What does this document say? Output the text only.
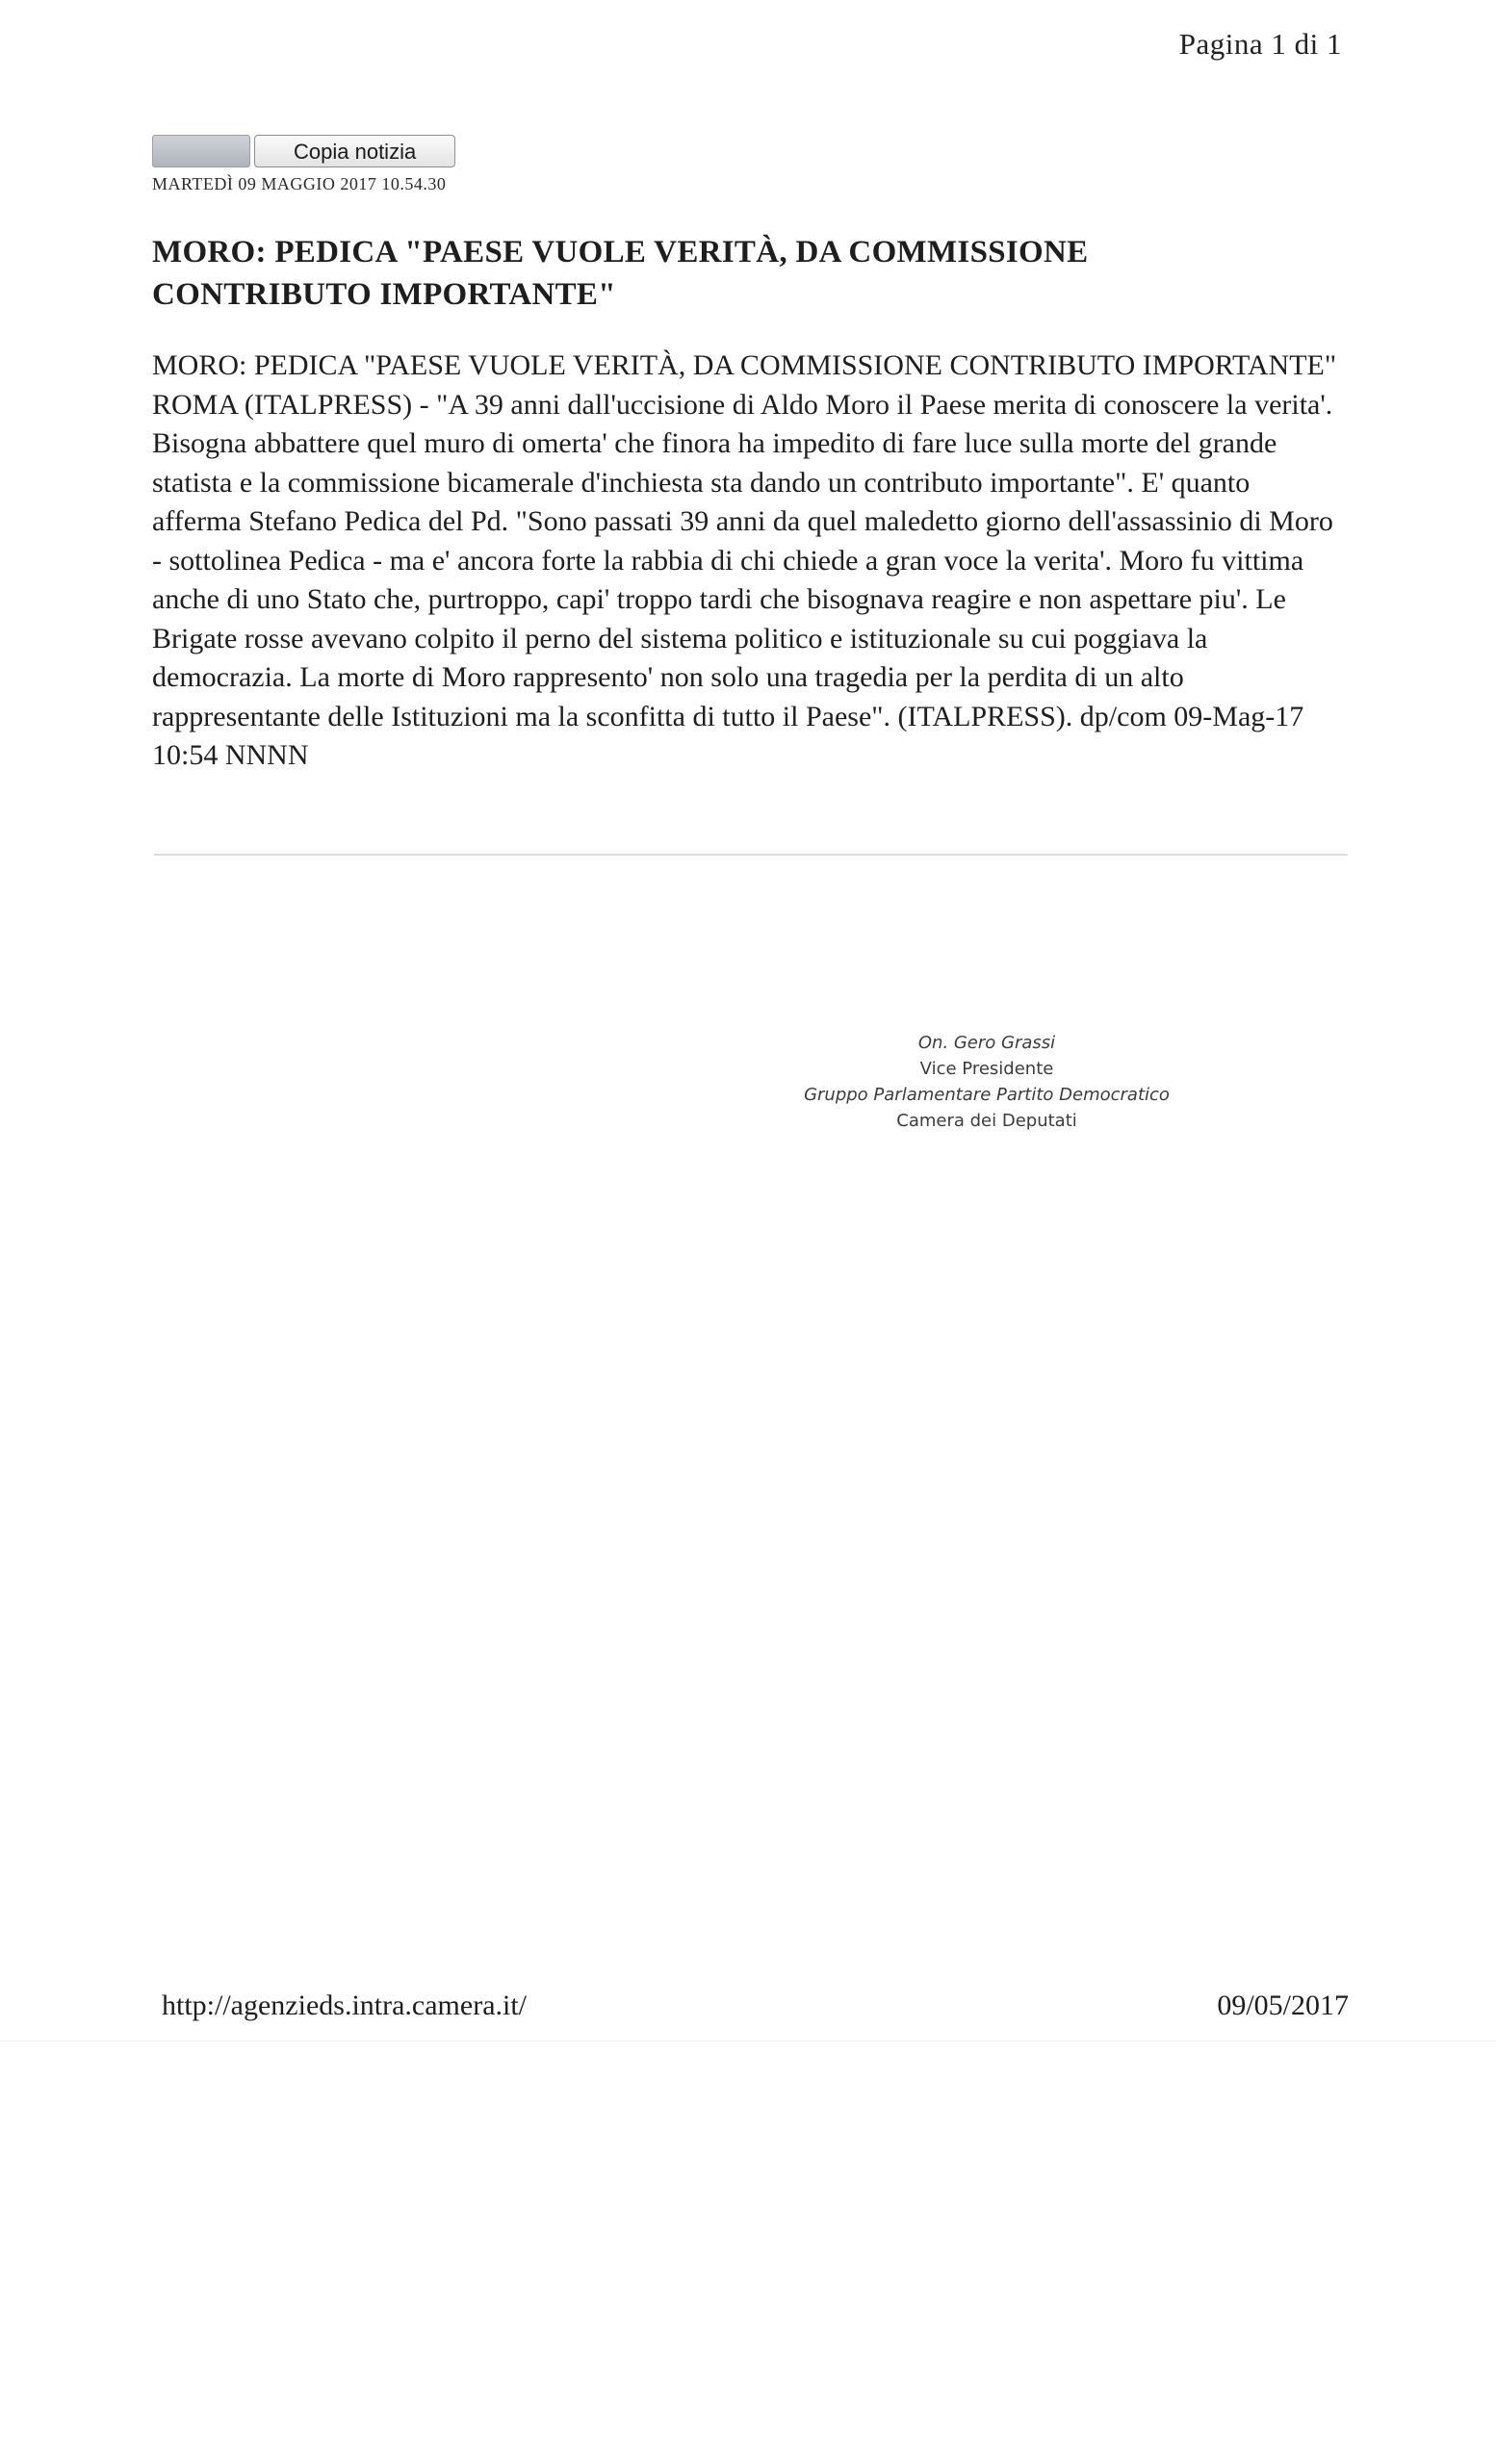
Pagina 1 di 1
Copia notizia
MARTEDÌ 09 MAGGIO 2017 10.54.30
MORO: PEDICA "PAESE VUOLE VERITÀ, DA COMMISSIONE CONTRIBUTO IMPORTANTE"

MORO: PEDICA "PAESE VUOLE VERITÀ, DA COMMISSIONE CONTRIBUTO IMPORTANTE" ROMA (ITALPRESS) - "A 39 anni dall'uccisione di Aldo Moro il Paese merita di conoscere la verita'. Bisogna abbattere quel muro di omerta' che finora ha impedito di fare luce sulla morte del grande statista e la commissione bicamerale d'inchiesta sta dando un contributo importante". E' quanto afferma Stefano Pedica del Pd. "Sono passati 39 anni da quel maledetto giorno dell'assassinio di Moro - sottolinea Pedica - ma e' ancora forte la rabbia di chi chiede a gran voce la verita'. Moro fu vittima anche di uno Stato che, purtroppo, capi' troppo tardi che bisognava reagire e non aspettare piu'. Le Brigate rosse avevano colpito il perno del sistema politico e istituzionale su cui poggiava la democrazia. La morte di Moro rappresento' non solo una tragedia per la perdita di un alto rappresentante delle Istituzioni ma la sconfitta di tutto il Paese". (ITALPRESS). dp/com 09-Mag-17 10:54 NNNN

On. Gero Grassi
Vice Presidente
Gruppo Parlamentare Partito Democratico
Camera dei Deputati
http://agenzieds.intra.camera.it/	09/05/2017
